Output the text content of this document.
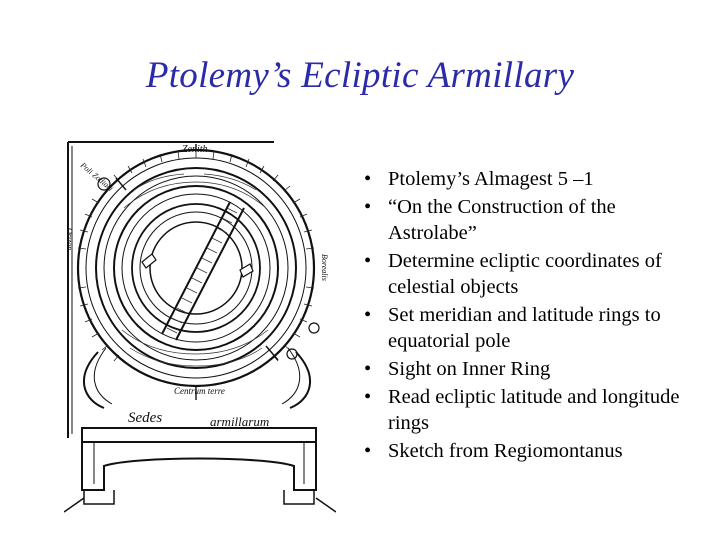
Ptolemy’s Ecliptic Armillary
Zenith
Poli Zodiaci
Orizon
Borealis
Centrum terre
Sedes	armillarum
• Ptolemy’s Almagest 5 –1
• “On the Construction of the Astrolabe”
• Determine ecliptic coordinates of celestial objects
• Set meridian and latitude rings to equatorial pole
• Sight on Inner Ring
• Read ecliptic latitude and longitude rings
• Sketch from Regiomontanus
